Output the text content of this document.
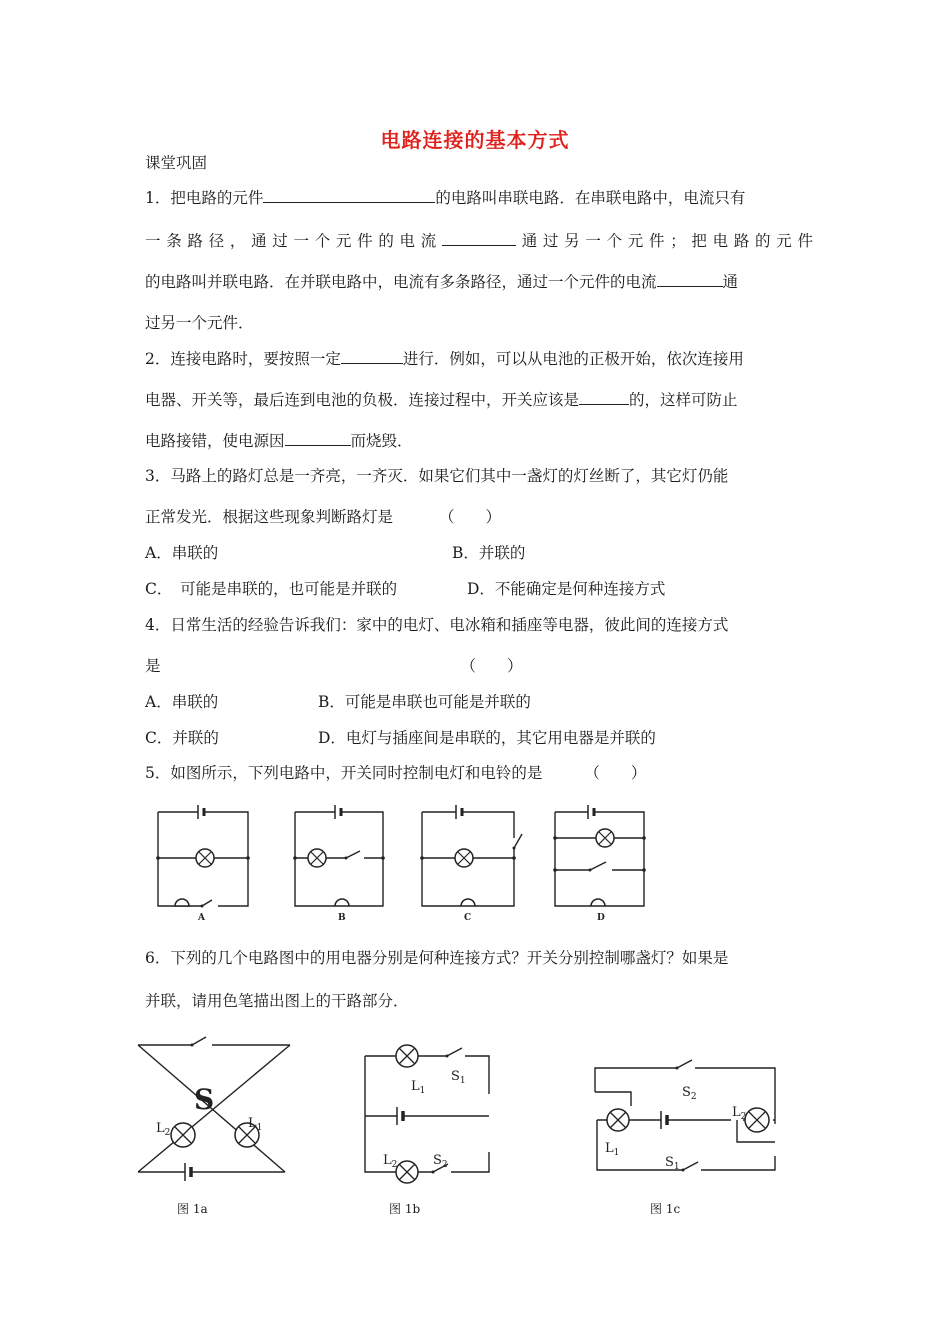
电路连接的基本方式
课堂巩固
1．把电路的元件	的电路叫串联电路．在串联电路中，电流只有
一条路径，通过一个元件的电流	通过另一个元件；把电路的元件
的电路叫并联电路．在并联电路中，电流有多条路径，通过一个元件的电流	通
过另一个元件．
2．连接电路时，要按照一定	进行．例如，可以从电池的正极开始，依次连接用
电器、开关等，最后连到电池的负极．连接过程中，开关应该是	的，这样可防止
电路接错，使电源因	而烧毁．
3．马路上的路灯总是一齐亮，一齐灭．如果它们其中一盏灯的灯丝断了，其它灯仍能
正常发光．根据这些现象判断路灯是	（　　）
A．串联的	B．并联的
C．　可能是串联的，也可能是并联的	D．不能确定是何种连接方式
4．日常生活的经验告诉我们：家中的电灯、电冰箱和插座等电器，彼此间的连接方式
是	（　　）
A．串联的	B．可能是串联也可能是并联的
C．并联的	D．电灯与插座间是串联的，其它用电器是并联的
5．如图所示，下列电路中，开关同时控制电灯和电铃的是	（　　）
A	B	C	D
6．下列的几个电路图中的用电器分别是何种连接方式？开关分别控制哪盏灯？如果是
并联，请用色笔描出图上的干路部分．
S
$L_2$
$L_1$
图 1a
$L_1$
$S_1$
$L_2$	$S_2$
图 1b
$S_2$
$L_2$
$L_1$
$S_1$
图 1c
